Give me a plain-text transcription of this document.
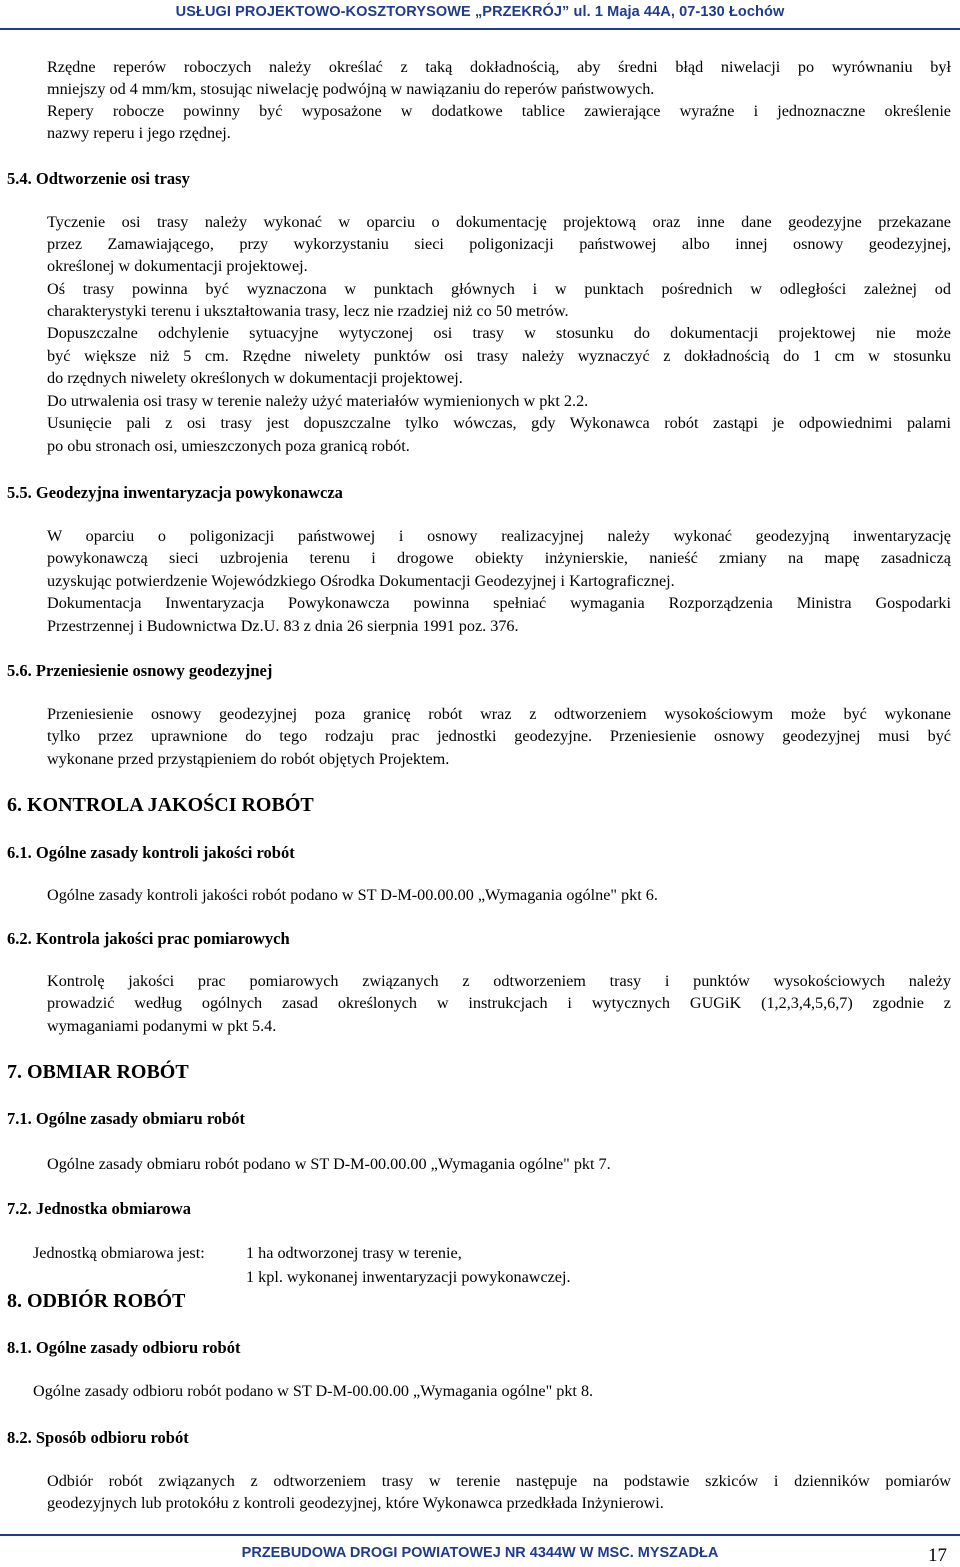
USŁUGI PROJEKTOWO-KOSZTORYSOWE „PRZEKRÓJ” ul. 1 Maja 44A, 07-130 Łochów

Rzędne reperów roboczych należy określać z taką dokładnością, aby średni błąd niwelacji po wyrównaniu był

mniejszy od 4 mm/km, stosując niwelację podwójną w nawiązaniu do reperów państwowych.

Repery robocze powinny być wyposażone w dodatkowe tablice zawierające wyraźne i jednoznaczne określenie

nazwy reperu i jego rzędnej.

5.4. Odtworzenie osi trasy

Tyczenie osi trasy należy wykonać w oparciu o dokumentację projektową oraz inne dane geodezyjne przekazane

przez Zamawiającego, przy wykorzystaniu sieci poligonizacji państwowej albo innej osnowy geodezyjnej,

określonej w dokumentacji projektowej.

Oś trasy powinna być wyznaczona w punktach głównych i w punktach pośrednich w odległości zależnej od

charakterystyki terenu i ukształtowania trasy, lecz nie rzadziej niż co 50 metrów.

Dopuszczalne odchylenie sytuacyjne wytyczonej osi trasy w stosunku do dokumentacji projektowej nie może

być większe niż 5 cm. Rzędne niwelety punktów osi trasy należy wyznaczyć z dokładnością do 1 cm w stosunku

do rzędnych niwelety określonych w dokumentacji projektowej.

Do utrwalenia osi trasy w terenie należy użyć materiałów wymienionych w pkt 2.2.

Usunięcie pali z osi trasy jest dopuszczalne tylko wówczas, gdy Wykonawca robót zastąpi je odpowiednimi palami

po obu stronach osi, umieszczonych poza granicą robót.

5.5. Geodezyjna inwentaryzacja powykonawcza

W oparciu o poligonizacji państwowej i osnowy realizacyjnej należy wykonać geodezyjną inwentaryzację

powykonawczą sieci uzbrojenia terenu i drogowe obiekty inżynierskie, nanieść zmiany na mapę zasadniczą

uzyskując potwierdzenie Wojewódzkiego Ośrodka Dokumentacji Geodezyjnej i Kartograficznej.

Dokumentacja Inwentaryzacja Powykonawcza powinna spełniać wymagania Rozporządzenia Ministra Gospodarki

Przestrzennej i Budownictwa Dz.U. 83 z dnia 26 sierpnia 1991 poz. 376.

5.6. Przeniesienie osnowy geodezyjnej

Przeniesienie osnowy geodezyjnej poza granicę robót wraz z odtworzeniem wysokościowym może być wykonane

tylko przez uprawnione do tego rodzaju prac jednostki geodezyjne. Przeniesienie osnowy geodezyjnej musi być

wykonane przed przystąpieniem do robót objętych Projektem.

6. KONTROLA JAKOŚCI ROBÓT
6.1. Ogólne zasady kontroli jakości robót

Ogólne zasady kontroli jakości robót podano w ST D-M-00.00.00 „Wymagania ogólne" pkt 6.

6.2. Kontrola jakości prac pomiarowych

Kontrolę jakości prac pomiarowych związanych z odtworzeniem trasy i punktów wysokościowych należy

prowadzić według ogólnych zasad określonych w instrukcjach i wytycznych GUGiK (1,2,3,4,5,6,7) zgodnie z

wymaganiami podanymi w pkt 5.4.

7. OBMIAR ROBÓT
7.1. Ogólne zasady obmiaru robót

Ogólne zasady obmiaru robót podano w ST D-M-00.00.00 „Wymagania ogólne" pkt 7.

7.2. Jednostka obmiarowa

Jednostką obmiarowa jest:	1 ha odtworzonej trasy w terenie,

1 kpl. wykonanej inwentaryzacji powykonawczej.

8. ODBIÓR ROBÓT
8.1. Ogólne zasady odbioru robót

Ogólne zasady odbioru robót podano w ST D-M-00.00.00 „Wymagania ogólne" pkt 8.

8.2. Sposób odbioru robót

Odbiór robót związanych z odtworzeniem trasy w terenie następuje na podstawie szkiców i dzienników pomiarów

geodezyjnych lub protokółu z kontroli geodezyjnej, które Wykonawca przedkłada Inżynierowi.

PRZEBUDOWA DROGI POWIATOWEJ NR 4344W W MSC. MYSZADŁA	17
